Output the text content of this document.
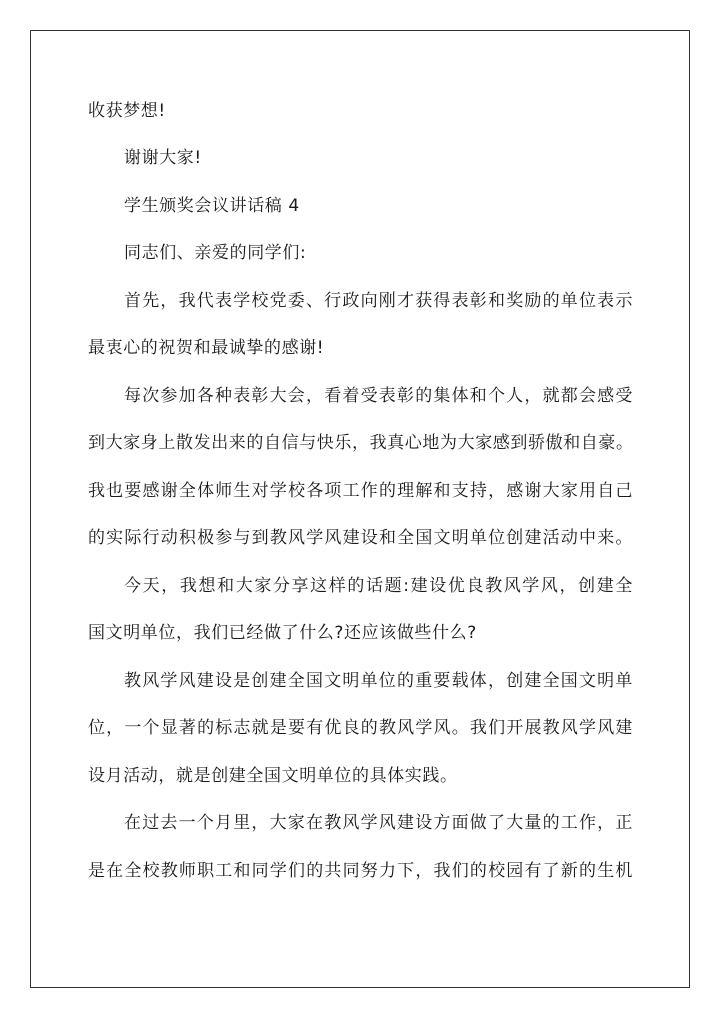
收获梦想!
谢谢大家!
学生颁奖会议讲话稿 4
同志们、亲爱的同学们:
首先，我代表学校党委、行政向刚才获得表彰和奖励的单位表示
最衷心的祝贺和最诚挚的感谢!
每次参加各种表彰大会，看着受表彰的集体和个人，就都会感受
到大家身上散发出来的自信与快乐，我真心地为大家感到骄傲和自豪。
我也要感谢全体师生对学校各项工作的理解和支持，感谢大家用自己
的实际行动积极参与到教风学风建设和全国文明单位创建活动中来。
今天，我想和大家分享这样的话题:建设优良教风学风，创建全
国文明单位，我们已经做了什么?还应该做些什么?
教风学风建设是创建全国文明单位的重要载体，创建全国文明单
位，一个显著的标志就是要有优良的教风学风。我们开展教风学风建
设月活动，就是创建全国文明单位的具体实践。
在过去一个月里，大家在教风学风建设方面做了大量的工作，正
是在全校教师职工和同学们的共同努力下，我们的校园有了新的生机
